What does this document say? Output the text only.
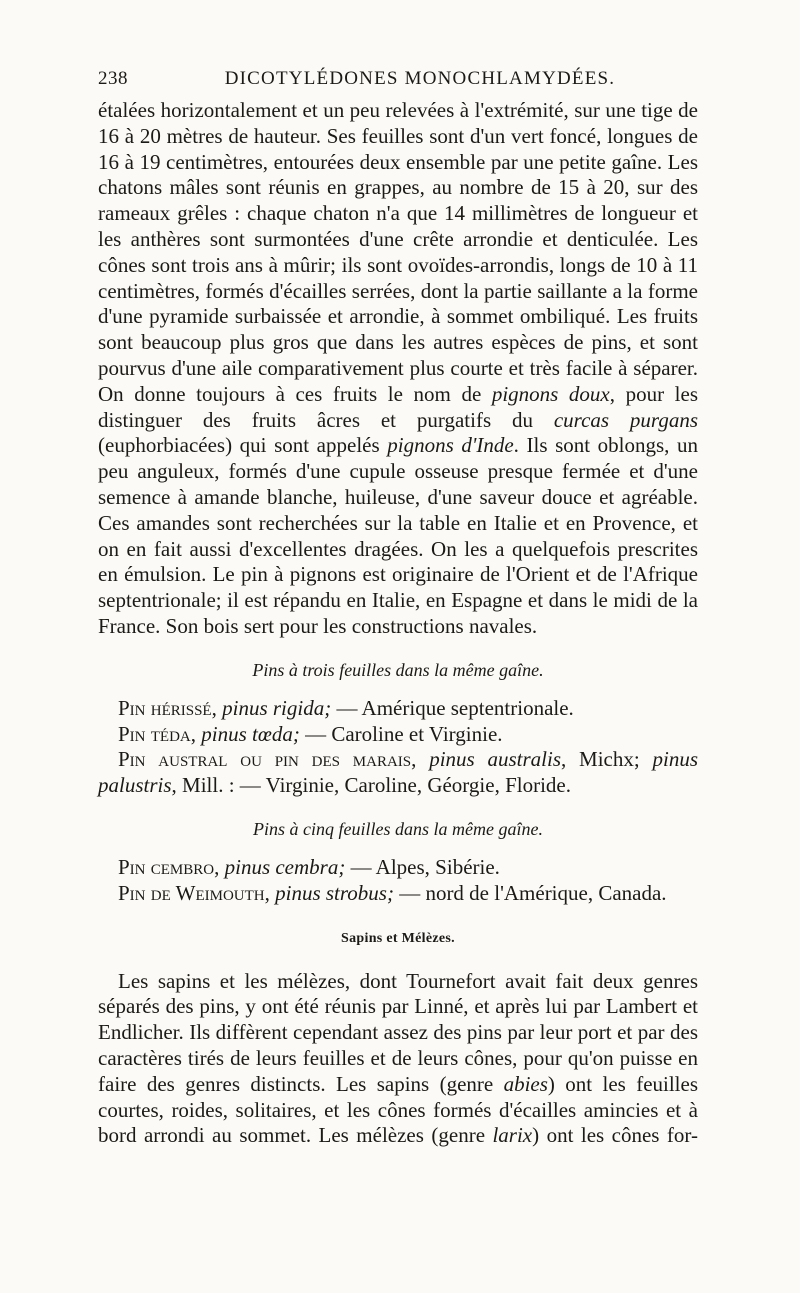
238	DICOTYLÉDONES MONOCHLAMYDÉES.

étalées horizontalement et un peu relevées à l'extrémité, sur une tige de 16 à 20 mètres de hauteur. Ses feuilles sont d'un vert foncé, longues de 16 à 19 centimètres, entourées deux ensemble par une petite gaîne. Les chatons mâles sont réunis en grappes, au nombre de 15 à 20, sur des rameaux grêles : chaque chaton n'a que 14 millimètres de longueur et les anthères sont surmontées d'une crête arrondie et denticulée. Les cônes sont trois ans à mûrir; ils sont ovoïdes-arrondis, longs de 10 à 11 centimètres, formés d'écailles serrées, dont la partie saillante a la forme d'une pyramide surbaissée et arrondie, à sommet ombiliqué. Les fruits sont beaucoup plus gros que dans les autres espèces de pins, et sont pourvus d'une aile comparativement plus courte et très facile à séparer. On donne toujours à ces fruits le nom de pignons doux, pour les distinguer des fruits âcres et purgatifs du curcas purgans (euphorbiacées) qui sont appelés pignons d'Inde. Ils sont oblongs, un peu anguleux, formés d'une cupule osseuse presque fermée et d'une semence à amande blanche, huileuse, d'une saveur douce et agréable. Ces amandes sont recherchées sur la table en Italie et en Provence, et on en fait aussi d'excellentes dragées. On les a quelquefois prescrites en émulsion. Le pin à pignons est originaire de l'Orient et de l'Afrique septentrionale; il est répandu en Italie, en Espagne et dans le midi de la France. Son bois sert pour les constructions navales.

Pins à trois feuilles dans la même gaîne.

Pin hérissé, pinus rigida; — Amérique septentrionale.

Pin téda, pinus tœda; — Caroline et Virginie.

Pin austral ou pin des marais, pinus australis, Michx; pinus palustris, Mill. : — Virginie, Caroline, Géorgie, Floride.

Pins à cinq feuilles dans la même gaîne.

Pin cembro, pinus cembra; — Alpes, Sibérie.

Pin de Weimouth, pinus strobus; — nord de l'Amérique, Canada.

Sapins et Mélèzes.

Les sapins et les mélèzes, dont Tournefort avait fait deux genres séparés des pins, y ont été réunis par Linné, et après lui par Lambert et Endlicher. Ils diffèrent cependant assez des pins par leur port et par des caractères tirés de leurs feuilles et de leurs cônes, pour qu'on puisse en faire des genres distincts. Les sapins (genre abies) ont les feuilles courtes, roides, solitaires, et les cônes formés d'écailles amincies et à bord arrondi au sommet. Les mélèzes (genre larix) ont les cônes for-
